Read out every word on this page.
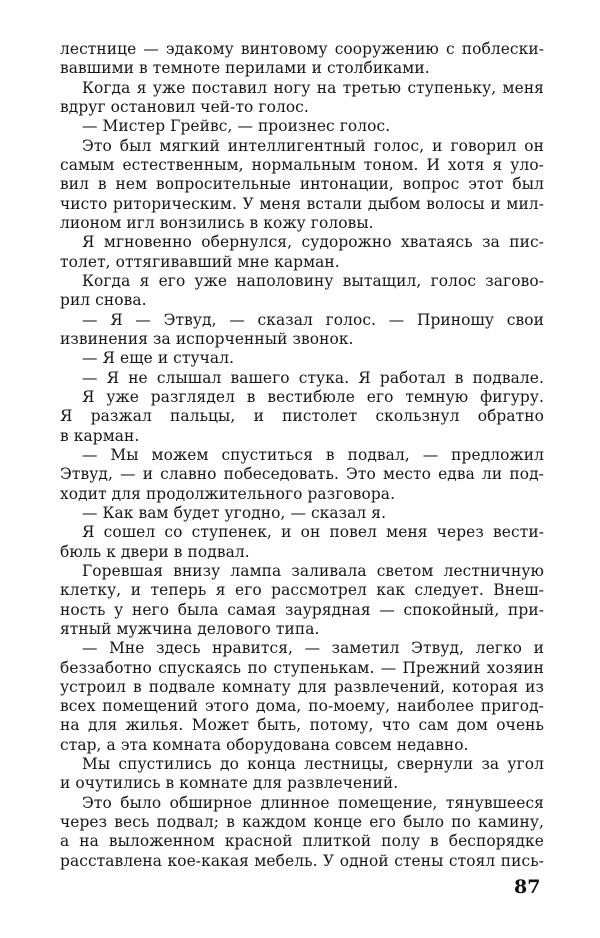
лестнице — эдакому винтовому сооружению с поблески-
вавшими в темноте перилами и столбиками.
Когда я уже поставил ногу на третью ступеньку, меня
вдруг остановил чей-то голос.
— Мистер Грейвс, — произнес голос.
Это был мягкий интеллигентный голос, и говорил он
самым естественным, нормальным тоном. И хотя я уло-
вил в нем вопросительные интонации, вопрос этот был
чисто риторическим. У меня встали дыбом волосы и мил-
лионом игл вонзились в кожу головы.
Я мгновенно обернулся, судорожно хватаясь за пис-
толет, оттягивавший мне карман.
Когда я его уже наполовину вытащил, голос загово-
рил снова.
— Я — Этвуд, — сказал голос. — Приношу свои
извинения за испорченный звонок.
— Я еще и стучал.
— Я не слышал вашего стука. Я работал в подвале.
Я уже разглядел в вестибюле его темную фигуру.
Я разжал пальцы, и пистолет скользнул обратно
в карман.
— Мы можем спуститься в подвал, — предложил
Этвуд, — и славно побеседовать. Это место едва ли под-
ходит для продолжительного разговора.
— Как вам будет угодно, — сказал я.
Я сошел со ступенек, и он повел меня через вести-
бюль к двери в подвал.
Горевшая внизу лампа заливала светом лестничную
клетку, и теперь я его рассмотрел как следует. Внеш-
ность у него была самая заурядная — спокойный, при-
ятный мужчина делового типа.
— Мне здесь нравится, — заметил Этвуд, легко и
беззаботно спускаясь по ступенькам. — Прежний хозяин
устроил в подвале комнату для развлечений, которая из
всех помещений этого дома, по-моему, наиболее пригод-
на для жилья. Может быть, потому, что сам дом очень
стар, а эта комната оборудована совсем недавно.
Мы спустились до конца лестницы, свернули за угол
и очутились в комнате для развлечений.
Это было обширное длинное помещение, тянувшееся
через весь подвал; в каждом конце его было по камину,
а на выложенном красной плиткой полу в беспорядке
расставлена кое-какая мебель. У одной стены стоял пись-
87
